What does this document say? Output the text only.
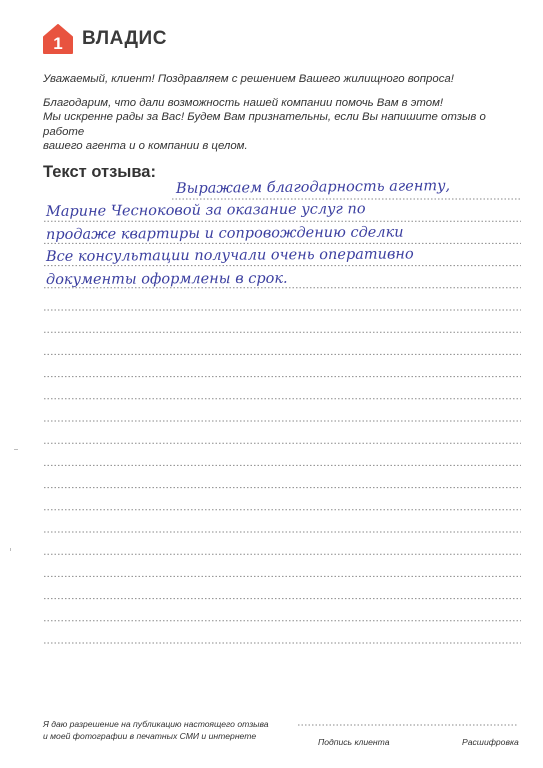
1 ВЛАДИС

Уважаемый, клиент! Поздравляем с решением Вашего жилищного вопроса!

Благодарим, что дали возможность нашей компании помочь Вам в этом!

Мы искренне рады за Вас! Будем Вам признательны, если Вы напишите отзыв о работе

вашего агента и о компании в целом.

Текст отзыва:
Выражаем благодарность агенту,
Марине Чесноковой за оказание услуг по
продаже квартиры и сопровождению сделки
Все консультации получали очень оперативно
документы оформлены в срок.

Я даю разрешение на публикацию настоящего отзыва

и моей фотографии в печатных СМИ и интернете

Подпись клиента	Расшифровка
